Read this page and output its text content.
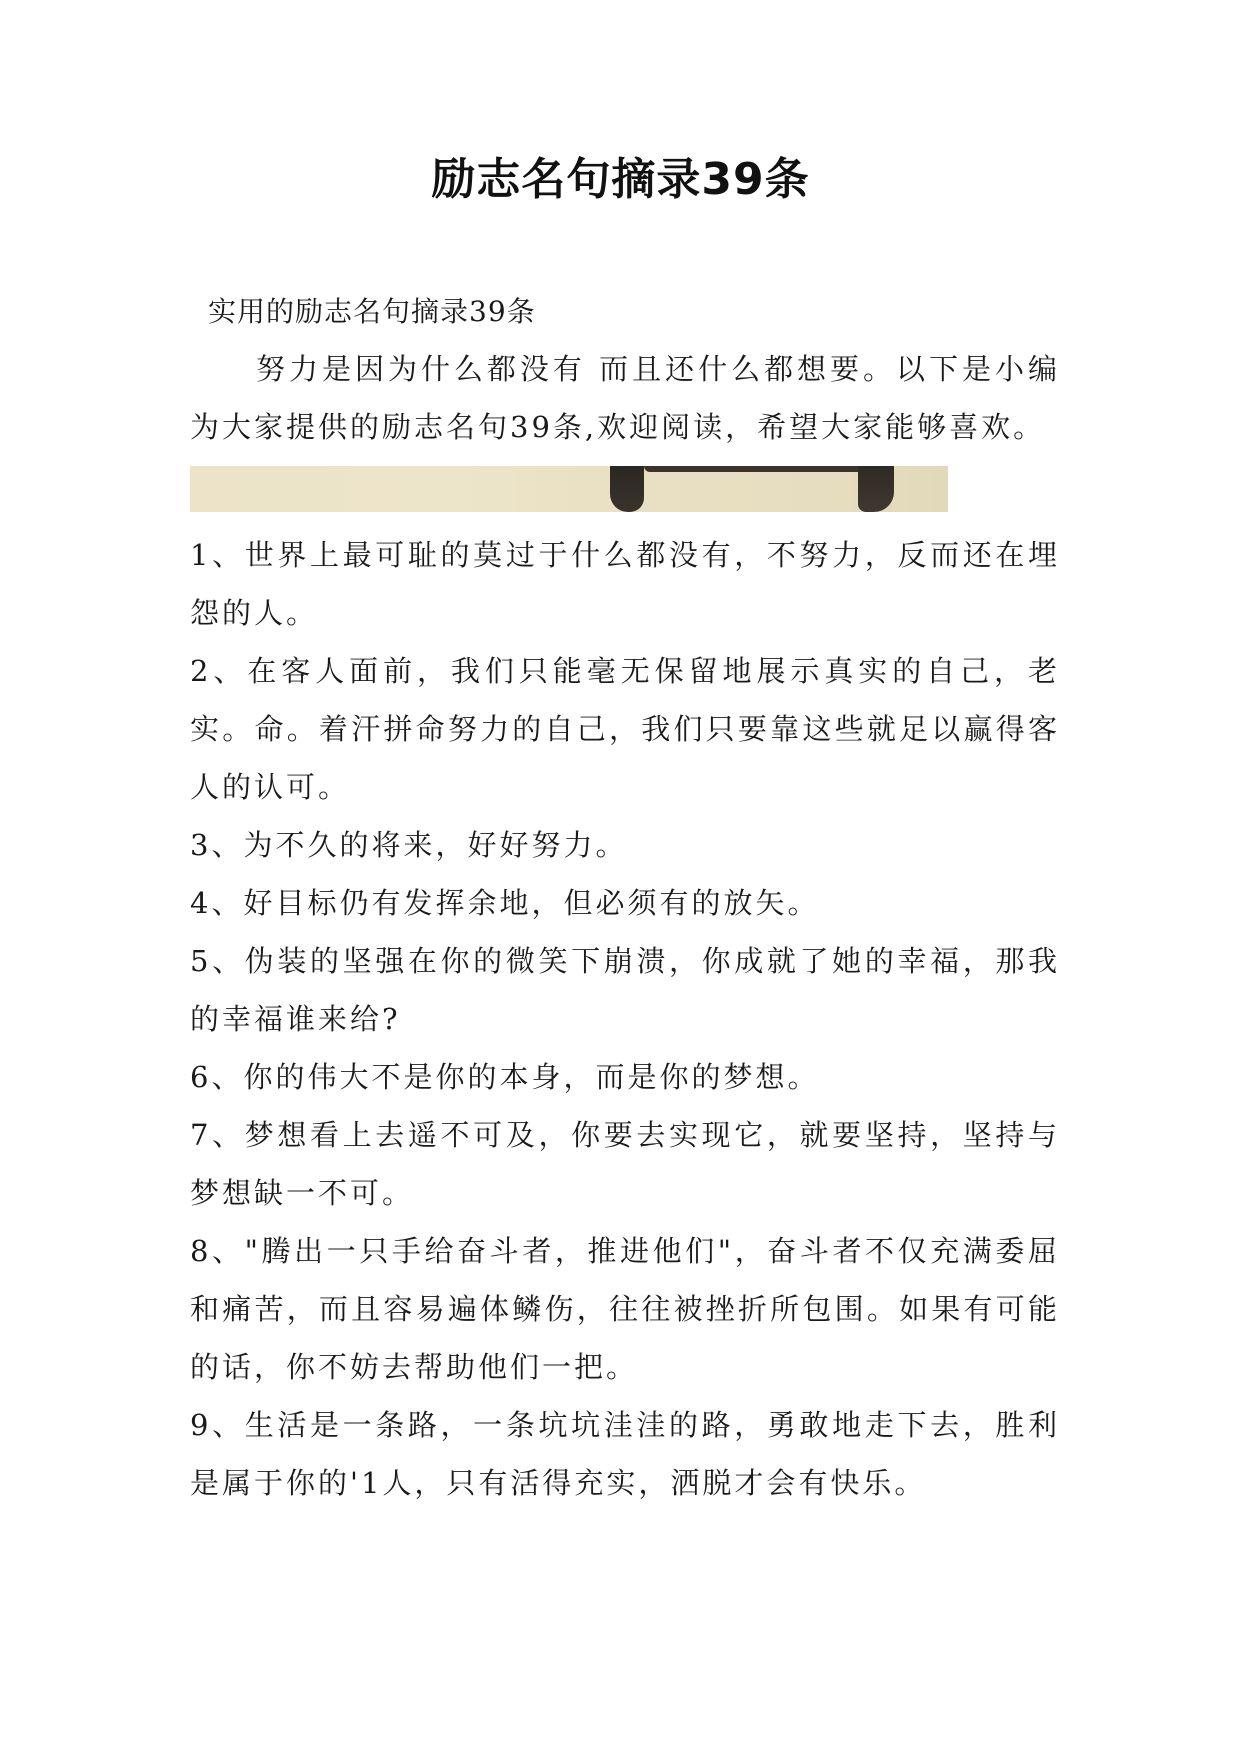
励志名句摘录39条

实用的励志名句摘录39条

努力是因为什么都没有 而且还什么都想要。以下是小编为大家提供的励志名句39条,欢迎阅读，希望大家能够喜欢。

1、世界上最可耻的莫过于什么都没有，不努力，反而还在埋怨的人。

2、在客人面前，我们只能毫无保留地展示真实的自己，老实。命。着汗拼命努力的自己，我们只要靠这些就足以赢得客人的认可。

3、为不久的将来，好好努力。

4、好目标仍有发挥余地，但必须有的放矢。

5、伪装的坚强在你的微笑下崩溃，你成就了她的幸福，那我的幸福谁来给?

6、你的伟大不是你的本身，而是你的梦想。

7、梦想看上去遥不可及，你要去实现它，就要坚持，坚持与梦想缺一不可。

8、"腾出一只手给奋斗者，推进他们"，奋斗者不仅充满委屈和痛苦，而且容易遍体鳞伤，往往被挫折所包围。如果有可能的话，你不妨去帮助他们一把。

9、生活是一条路，一条坑坑洼洼的路，勇敢地走下去，胜利是属于你的'1人，只有活得充实，洒脱才会有快乐。
